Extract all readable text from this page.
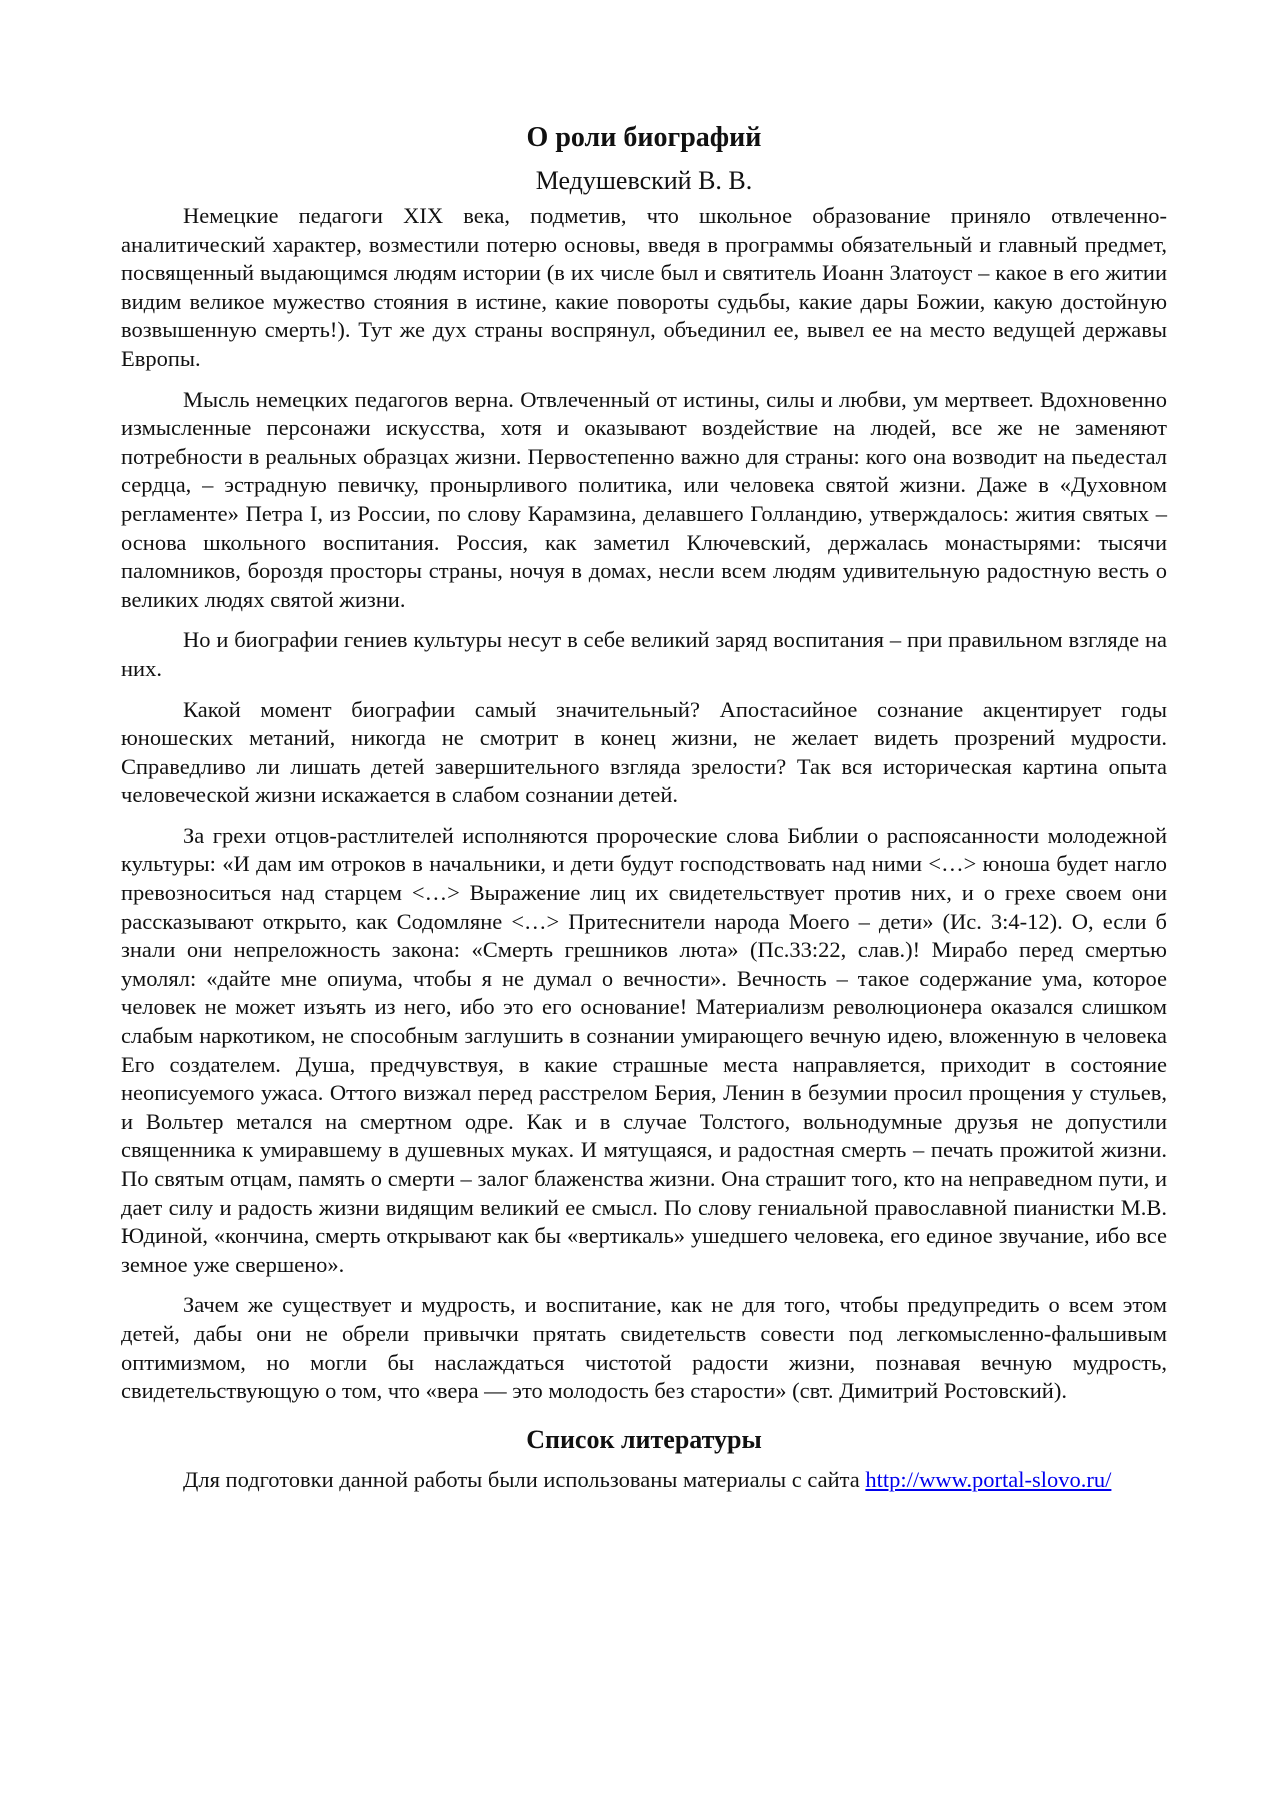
О роли биографий
Медушевский В. В.

Немецкие педагоги XIX века, подметив, что школьное образование приняло отвлеченно-аналитический характер, возместили потерю основы, введя в программы обязательный и главный предмет, посвященный выдающимся людям истории (в их числе был и святитель Иоанн Златоуст – какое в его житии видим великое мужество стояния в истине, какие повороты судьбы, какие дары Божии, какую достойную возвышенную смерть!). Тут же дух страны воспрянул, объединил ее, вывел ее на место ведущей державы Европы.

Мысль немецких педагогов верна. Отвлеченный от истины, силы и любви, ум мертвеет. Вдохновенно измысленные персонажи искусства, хотя и оказывают воздействие на людей, все же не заменяют потребности в реальных образцах жизни. Первостепенно важно для страны: кого она возводит на пьедестал сердца, – эстрадную певичку, пронырливого политика, или человека святой жизни. Даже в «Духовном регламенте» Петра I, из России, по слову Карамзина, делавшего Голландию, утверждалось: жития святых – основа школьного воспитания. Россия, как заметил Ключевский, держалась монастырями: тысячи паломников, бороздя просторы страны, ночуя в домах, несли всем людям удивительную радостную весть о великих людях святой жизни.

Но и биографии гениев культуры несут в себе великий заряд воспитания – при правильном взгляде на них.

Какой момент биографии самый значительный? Апостасийное сознание акцентирует годы юношеских метаний, никогда не смотрит в конец жизни, не желает видеть прозрений мудрости. Справедливо ли лишать детей завершительного взгляда зрелости? Так вся историческая картина опыта человеческой жизни искажается в слабом сознании детей.

За грехи отцов-растлителей исполняются пророческие слова Библии о распоясанности молодежной культуры: «И дам им отроков в начальники, и дети будут господствовать над ними <…> юноша будет нагло превозноситься над старцем <…> Выражение лиц их свидетельствует против них, и о грехе своем они рассказывают открыто, как Содомляне <…> Притеснители народа Моего – дети» (Ис. 3:4-12). О, если б знали они непреложность закона: «Смерть грешников люта» (Пс.33:22, слав.)! Мирабо перед смертью умолял: «дайте мне опиума, чтобы я не думал о вечности». Вечность – такое содержание ума, которое человек не может изъять из него, ибо это его основание! Материализм революционера оказался слишком слабым наркотиком, не способным заглушить в сознании умирающего вечную идею, вложенную в человека Его создателем. Душа, предчувствуя, в какие страшные места направляется, приходит в состояние неописуемого ужаса. Оттого визжал перед расстрелом Берия, Ленин в безумии просил прощения у стульев, и Вольтер метался на смертном одре. Как и в случае Толстого, вольнодумные друзья не допустили священника к умиравшему в душевных муках. И мятущаяся, и радостная смерть – печать прожитой жизни. По святым отцам, память о смерти – залог блаженства жизни. Она страшит того, кто на неправедном пути, и дает силу и радость жизни видящим великий ее смысл. По слову гениальной православной пианистки М.В. Юдиной, «кончина, смерть открывают как бы «вертикаль» ушедшего человека, его единое звучание, ибо все земное уже свершено».

Зачем же существует и мудрость, и воспитание, как не для того, чтобы предупредить о всем этом детей, дабы они не обрели привычки прятать свидетельств совести под легкомысленно-фальшивым оптимизмом, но могли бы наслаждаться чистотой радости жизни, познавая вечную мудрость, свидетельствующую о том, что «вера — это молодость без старости» (свт. Димитрий Ростовский).

Список литературы

Для подготовки данной работы были использованы материалы с сайта http://www.portal-slovo.ru/
